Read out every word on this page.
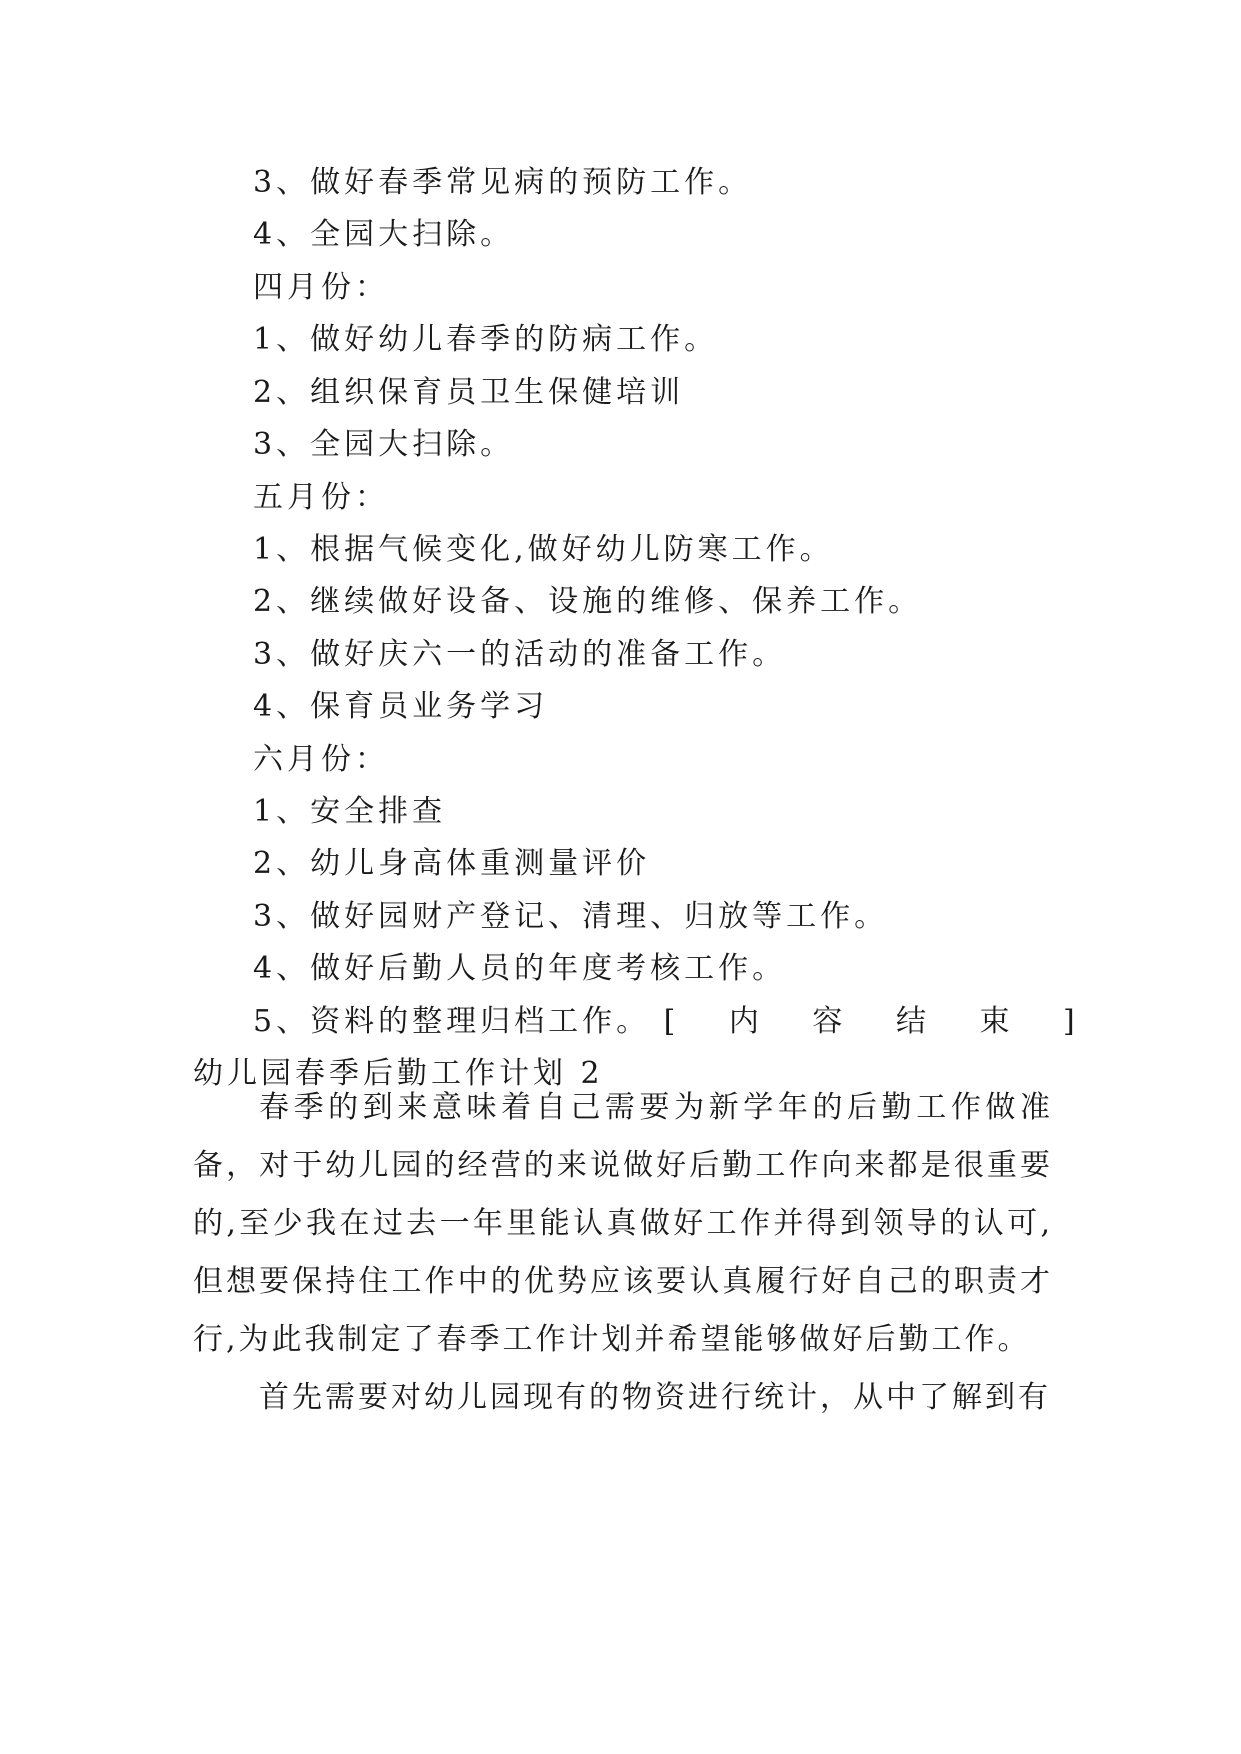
3、做好春季常见病的预防工作。
4、全园大扫除。
四月份：
1、做好幼儿春季的防病工作。
2、组织保育员卫生保健培训
3、全园大扫除。
五月份：
1、根据气候变化,做好幼儿防寒工作。
2、继续做好设备、设施的维修、保养工作。
3、做好庆六一的活动的准备工作。
4、保育员业务学习
六月份：
1、安全排查
2、幼儿身高体重测量评价
3、做好园财产登记、清理、归放等工作。
4、做好后勤人员的年度考核工作。
5、资料的整理归档工作。 [ 内 容 结 束 ]
幼儿园春季后勤工作计划 2

春季的到来意味着自己需要为新学年的后勤工作做准备，对于幼儿园的经营的来说做好后勤工作向来都是很重要的,至少我在过去一年里能认真做好工作并得到领导的认可,但想要保持住工作中的优势应该要认真履行好自己的职责才行,为此我制定了春季工作计划并希望能够做好后勤工作。

首先需要对幼儿园现有的物资进行统计，从中了解到有
